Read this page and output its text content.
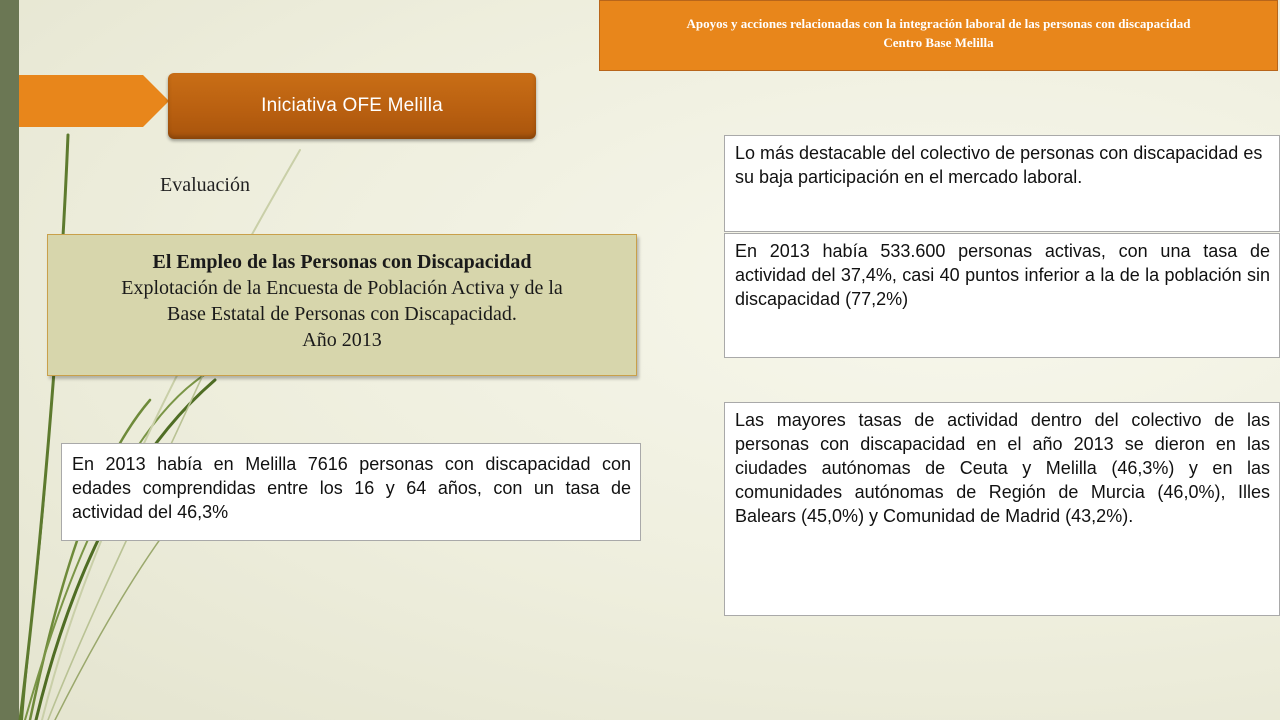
Apoyos y acciones relacionadas con la integración laboral de las personas con discapacidad
Centro Base Melilla
Iniciativa OFE Melilla
Evaluación
El Empleo de las Personas con Discapacidad
Explotación de la Encuesta de Población Activa y de la
Base Estatal de Personas con Discapacidad.
Año 2013
Lo más destacable del colectivo de personas con discapacidad es su baja participación en el mercado laboral.
En 2013 había 533.600 personas activas, con una tasa de actividad del 37,4%, casi 40 puntos inferior a la de la población sin discapacidad (77,2%)
Las mayores tasas de actividad dentro del colectivo de las personas con discapacidad en el año 2013 se dieron en las ciudades autónomas de Ceuta y Melilla (46,3%) y en las comunidades autónomas de Región de Murcia (46,0%), Illes Balears (45,0%) y Comunidad de Madrid (43,2%).
En 2013 había en Melilla 7616 personas con discapacidad con edades comprendidas entre los 16 y 64 años, con un tasa de actividad del 46,3%
